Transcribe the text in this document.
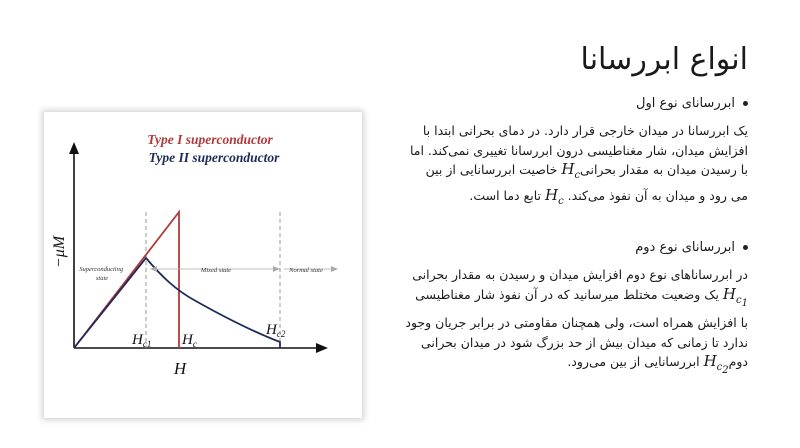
انواع ابررسانا
ابررسانای نوع اول
یک ابررسانا در میدان خارجی قرار دارد. در دمای بحرانی ابتدا با
افزایش میدان، شار مغناطیسی درون ابررسانا تغییری نمی‌کند. اما
با رسیدن میدان به مقدار بحرانیH$_c$ خاصیت ابررسانایی از بین
می رود و میدان به آن نفوذ می‌کند. $H_c$ تابع دما است.
ابررسانای نوع دوم
در ابررساناهای نوع دوم افزایش میدان و رسیدن به مقدار بحرانی
$H_{c_1}$ یک وضعیت مختلط میرسانید که در آن نفوذ شار مغناطیسی
با افزایش همراه است، ولی همچنان مقاومتی در برابر جریان وجود
ندارد تا زمانی که میدان بیش از حد بزرگ شود در میدان بحرانی
دومH$_{c_2}$ ابررسانایی از بین می‌رود.
Type I superconductor
Type II superconductor
Superconducting state
Mixed state	Normal state
−μM
$H_{c1}$ $H_c$
$H_{c2}$
H
